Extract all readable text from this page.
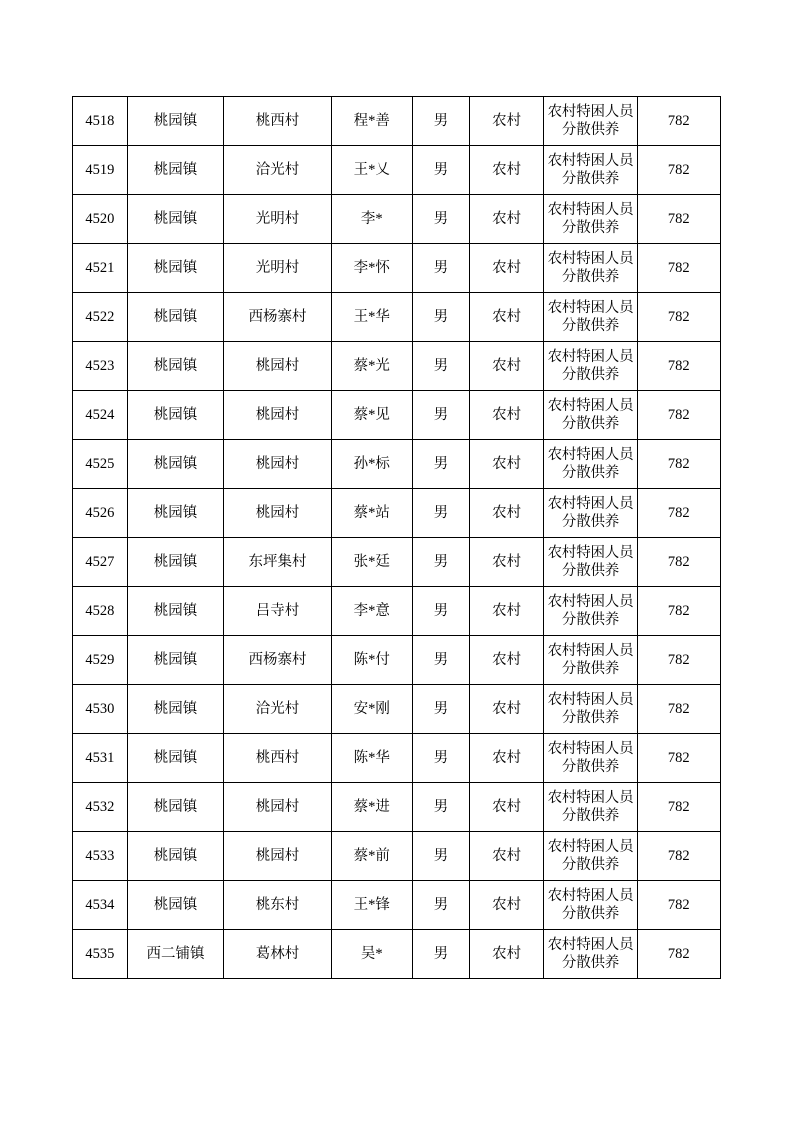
4518	桃园镇	桃西村	程*善	男	农村	农村特困人员分散供养	782
4519	桃园镇	洽光村	王*乂	男	农村	农村特困人员分散供养	782
4520	桃园镇	光明村	李*	男	农村	农村特困人员分散供养	782
4521	桃园镇	光明村	李*怀	男	农村	农村特困人员分散供养	782
4522	桃园镇	西杨寨村	王*华	男	农村	农村特困人员分散供养	782
4523	桃园镇	桃园村	蔡*光	男	农村	农村特困人员分散供养	782
4524	桃园镇	桃园村	蔡*见	男	农村	农村特困人员分散供养	782
4525	桃园镇	桃园村	孙*标	男	农村	农村特困人员分散供养	782
4526	桃园镇	桃园村	蔡*站	男	农村	农村特困人员分散供养	782
4527	桃园镇	东坪集村	张*廷	男	农村	农村特困人员分散供养	782
4528	桃园镇	吕寺村	李*意	男	农村	农村特困人员分散供养	782
4529	桃园镇	西杨寨村	陈*付	男	农村	农村特困人员分散供养	782
4530	桃园镇	洽光村	安*刚	男	农村	农村特困人员分散供养	782
4531	桃园镇	桃西村	陈*华	男	农村	农村特困人员分散供养	782
4532	桃园镇	桃园村	蔡*进	男	农村	农村特困人员分散供养	782
4533	桃园镇	桃园村	蔡*前	男	农村	农村特困人员分散供养	782
4534	桃园镇	桃东村	王*锋	男	农村	农村特困人员分散供养	782
4535	西二铺镇	葛林村	吴*	男	农村	农村特困人员分散供养	782
